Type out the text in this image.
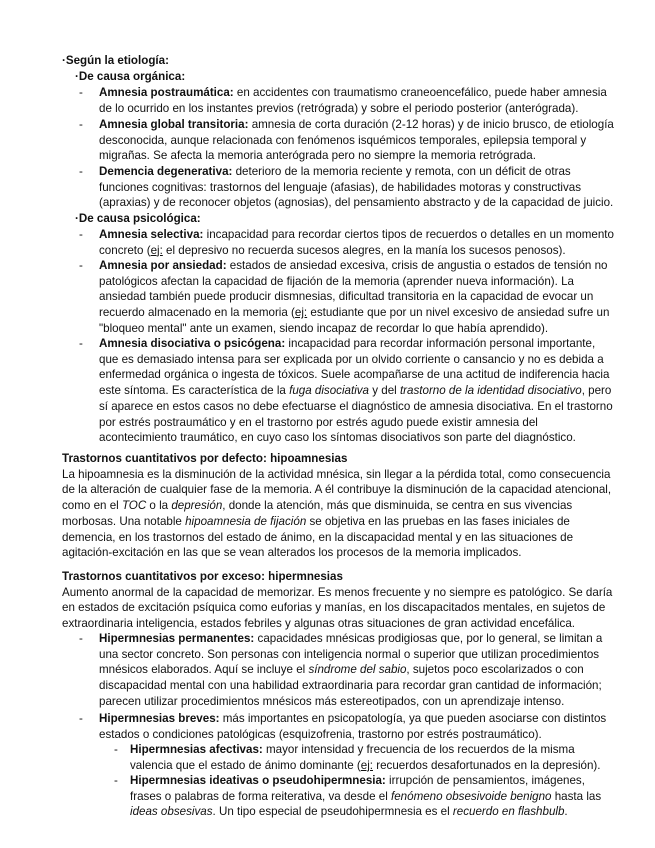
·Según la etiología:
·De causa orgánica:
- Amnesia postraumática: en accidentes con traumatismo craneoencefálico, puede haber amnesia
de lo ocurrido en los instantes previos (retrógrada) y sobre el periodo posterior (anterógrada).
- Amnesia global transitoria: amnesia de corta duración (2-12 horas) y de inicio brusco, de etiología
desconocida, aunque relacionada con fenómenos isquémicos temporales, epilepsia temporal y
migrañas. Se afecta la memoria anterógrada pero no siempre la memoria retrógrada.
- Demencia degenerativa: deterioro de la memoria reciente y remota, con un déficit de otras
funciones cognitivas: trastornos del lenguaje (afasias), de habilidades motoras y constructivas
(apraxias) y de reconocer objetos (agnosias), del pensamiento abstracto y de la capacidad de juicio.
·De causa psicológica:
- Amnesia selectiva: incapacidad para recordar ciertos tipos de recuerdos o detalles en un momento
concreto (ej: el depresivo no recuerda sucesos alegres, en la manía los sucesos penosos).
- Amnesia por ansiedad: estados de ansiedad excesiva, crisis de angustia o estados de tensión no
patológicos afectan la capacidad de fijación de la memoria (aprender nueva información). La
ansiedad también puede producir dismnesias, dificultad transitoria en la capacidad de evocar un
recuerdo almacenado en la memoria (ej: estudiante que por un nivel excesivo de ansiedad sufre un
"bloqueo mental" ante un examen, siendo incapaz de recordar lo que había aprendido).
- Amnesia disociativa o psicógena: incapacidad para recordar información personal importante,
que es demasiado intensa para ser explicada por un olvido corriente o cansancio y no es debida a
enfermedad orgánica o ingesta de tóxicos. Suele acompañarse de una actitud de indiferencia hacia
este síntoma. Es característica de la fuga disociativa y del trastorno de la identidad disociativo, pero
sí aparece en estos casos no debe efectuarse el diagnóstico de amnesia disociativa. En el trastorno
por estrés postraumático y en el trastorno por estrés agudo puede existir amnesia del
acontecimiento traumático, en cuyo caso los síntomas disociativos son parte del diagnóstico.
Trastornos cuantitativos por defecto: hipoamnesias
La hipoamnesia es la disminución de la actividad mnésica, sin llegar a la pérdida total, como consecuencia
de la alteración de cualquier fase de la memoria. A él contribuye la disminución de la capacidad atencional,
como en el TOC o la depresión, donde la atención, más que disminuida, se centra en sus vivencias
morbosas. Una notable hipoamnesia de fijación se objetiva en las pruebas en las fases iniciales de
demencia, en los trastornos del estado de ánimo, en la discapacidad mental y en las situaciones de
agitación-excitación en las que se vean alterados los procesos de la memoria implicados.
Trastornos cuantitativos por exceso: hipermnesias
Aumento anormal de la capacidad de memorizar. Es menos frecuente y no siempre es patológico. Se daría
en estados de excitación psíquica como euforias y manías, en los discapacitados mentales, en sujetos de
extraordinaria inteligencia, estados febriles y algunas otras situaciones de gran actividad encefálica.
- Hipermnesias permanentes: capacidades mnésicas prodigiosas que, por lo general, se limitan a
una sector concreto. Son personas con inteligencia normal o superior que utilizan procedimientos
mnésicos elaborados. Aquí se incluye el síndrome del sabio, sujetos poco escolarizados o con
discapacidad mental con una habilidad extraordinaria para recordar gran cantidad de información;
parecen utilizar procedimientos mnésicos más estereotipados, con un aprendizaje intenso.
- Hipermnesias breves: más importantes en psicopatología, ya que pueden asociarse con distintos
estados o condiciones patológicas (esquizofrenia, trastorno por estrés postraumático).
- Hipermnesias afectivas: mayor intensidad y frecuencia de los recuerdos de la misma
valencia que el estado de ánimo dominante (ej: recuerdos desafortunados en la depresión).
- Hipermnesias ideativas o pseudohipermnesia: irrupción de pensamientos, imágenes,
frases o palabras de forma reiterativa, va desde el fenómeno obsesivoide benigno hasta las
ideas obsesivas. Un tipo especial de pseudohipermnesia es el recuerdo en flashbulb.
